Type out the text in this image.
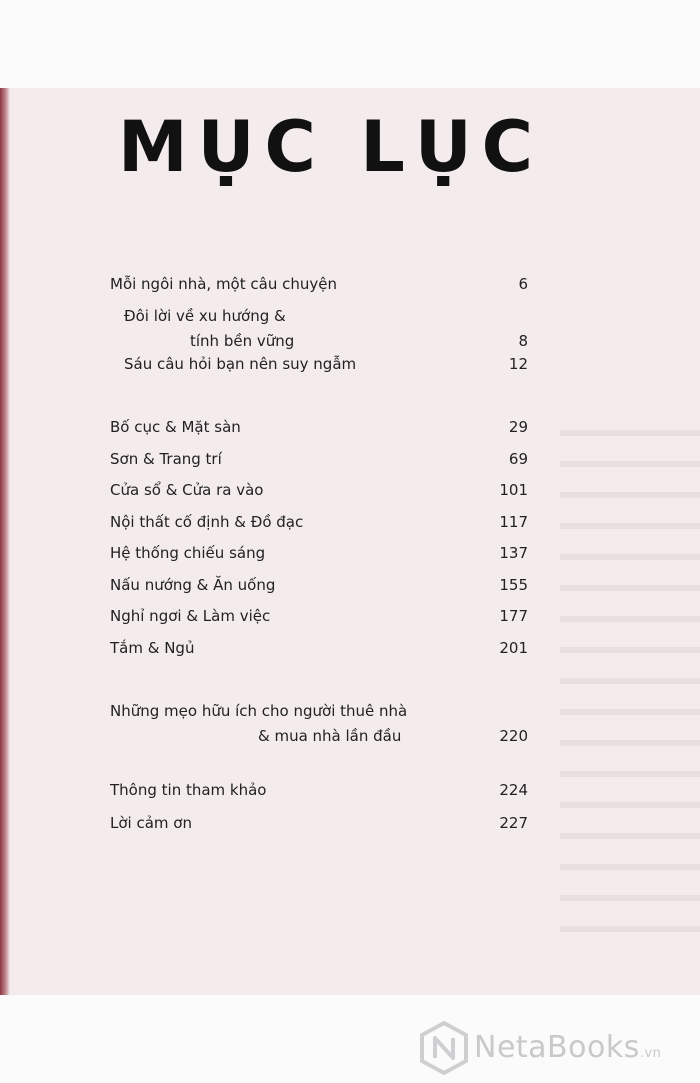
MỤC LỤC
Mỗi ngôi nhà, một câu chuyện	6
Đôi lời về xu hướng &
tính bền vững	8
Sáu câu hỏi bạn nên suy ngẫm	12
Bố cục & Mặt sàn	29
Sơn & Trang trí	69
Cửa sổ & Cửa ra vào	101
Nội thất cố định & Đồ đạc	117
Hệ thống chiếu sáng	137
Nấu nướng & Ăn uống	155
Nghỉ ngơi & Làm việc	177
Tắm & Ngủ	201
Những mẹo hữu ích cho người thuê nhà
& mua nhà lần đầu	220
Thông tin tham khảo	224
Lời cảm ơn	227
NetaBooks.vn
